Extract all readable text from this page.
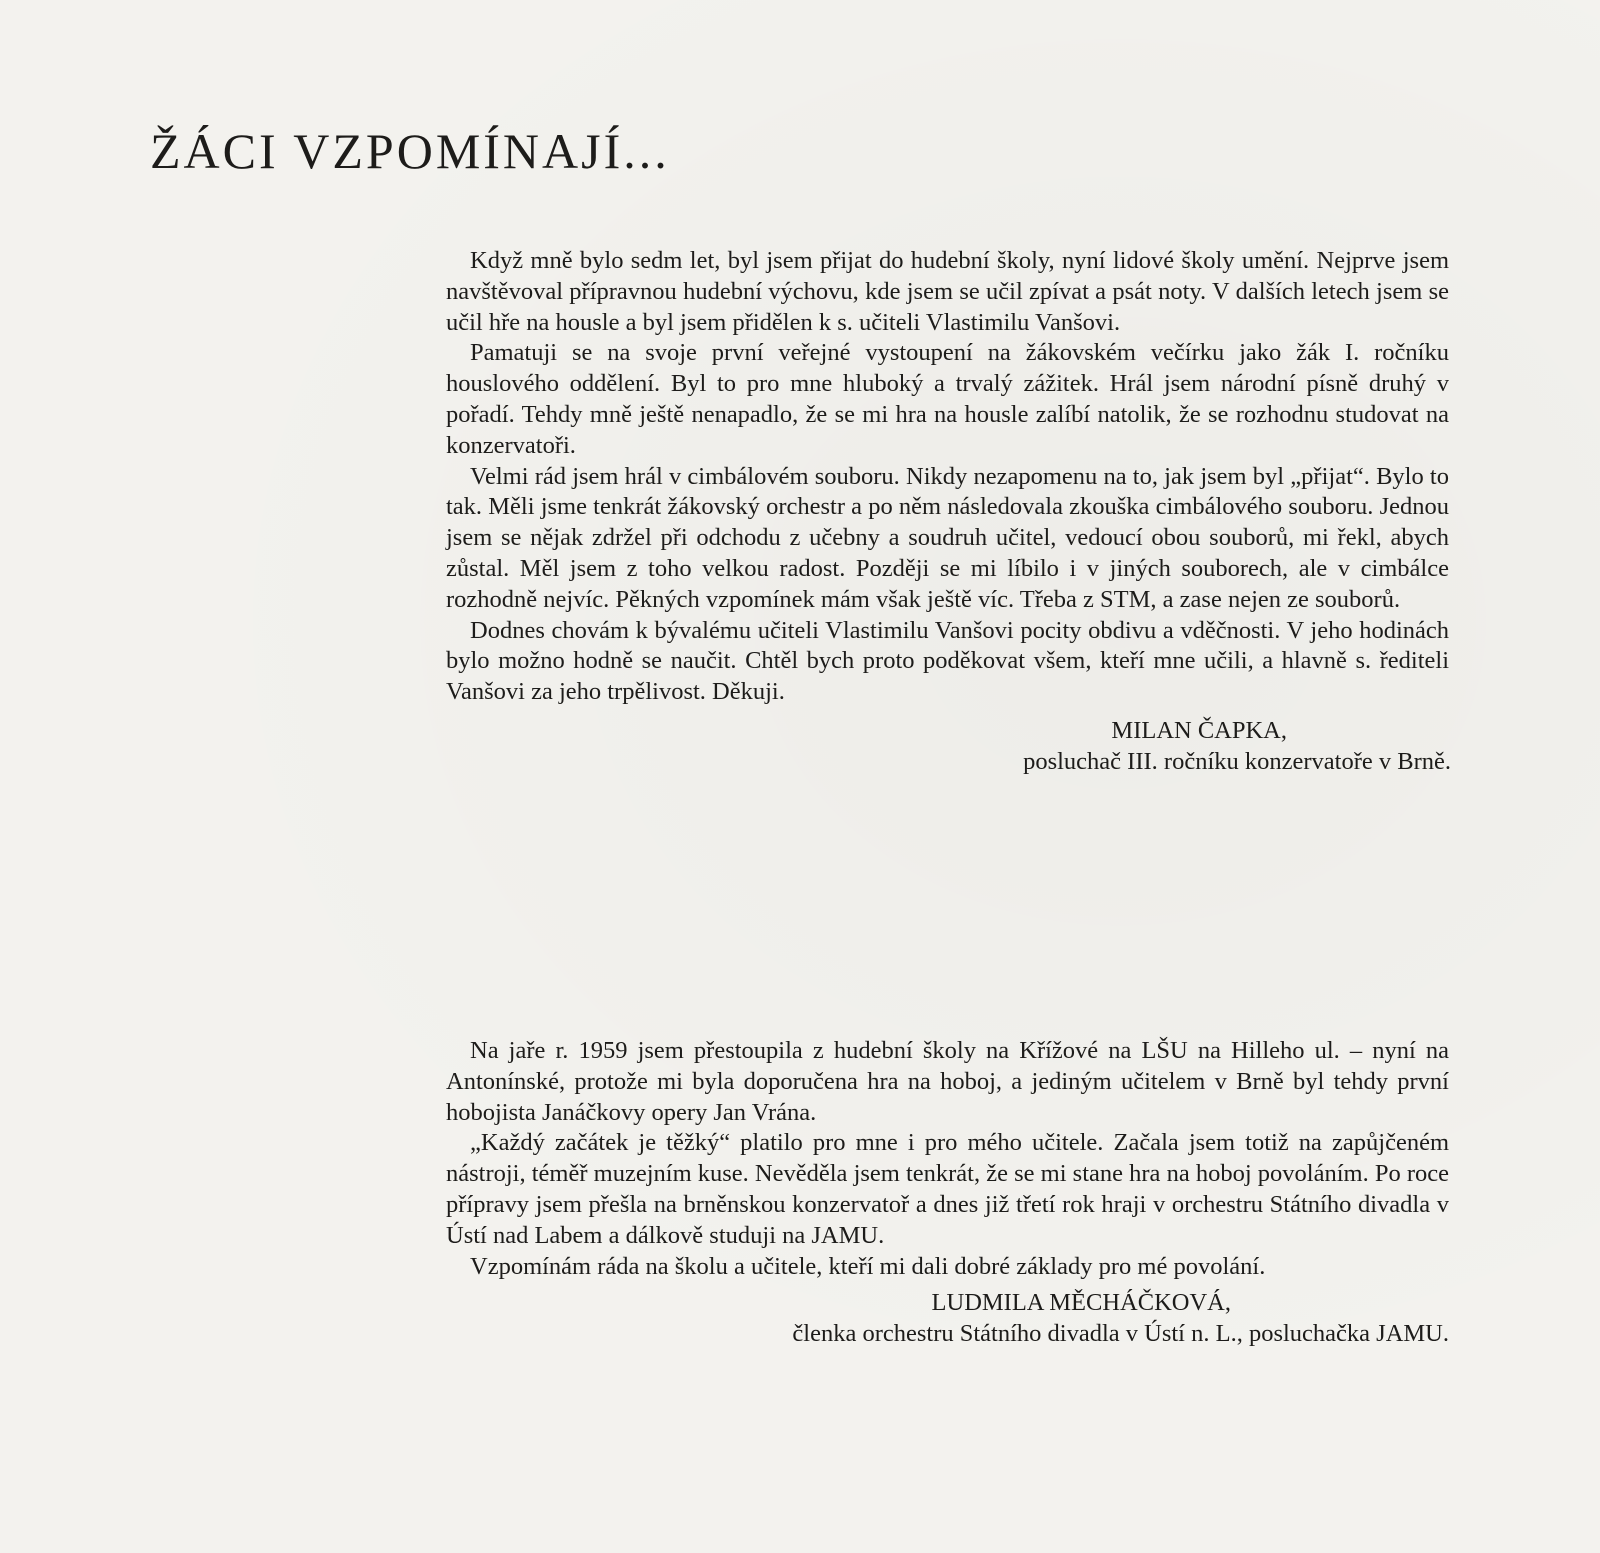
ŽÁCI VZPOMÍNAJÍ...

Když mně bylo sedm let, byl jsem přijat do hudební školy, nyní lidové školy umění. Nejprve jsem navštěvoval přípravnou hudební výchovu, kde jsem se učil zpívat a psát noty. V dalších letech jsem se učil hře na housle a byl jsem přidělen k s. učiteli Vlastimilu Vanšovi.

Pamatuji se na svoje první veřejné vystoupení na žákovském večírku jako žák I. ročníku houslového oddělení. Byl to pro mne hluboký a trvalý zážitek. Hrál jsem národní písně druhý v pořadí. Tehdy mně ještě nenapadlo, že se mi hra na housle zalíbí natolik, že se rozhodnu studovat na konzervatoři.

Velmi rád jsem hrál v cimbálovém souboru. Nikdy nezapomenu na to, jak jsem byl „přijat“. Bylo to tak. Měli jsme tenkrát žákovský orchestr a po něm následovala zkouška cimbálového souboru. Jednou jsem se nějak zdržel při odchodu z učebny a soudruh učitel, vedoucí obou souborů, mi řekl, abych zůstal. Měl jsem z toho velkou radost. Později se mi líbilo i v jiných souborech, ale v cimbálce rozhodně nejvíc. Pěkných vzpomínek mám však ještě víc. Třeba z STM, a zase nejen ze souborů.

Dodnes chovám k bývalému učiteli Vlastimilu Vanšovi pocity obdivu a vděčnosti. V jeho hodinách bylo možno hodně se naučit. Chtěl bych proto poděkovat všem, kteří mne učili, a hlavně s. řediteli Vanšovi za jeho trpělivost. Děkuji.

MILAN ČAPKA,
posluchač III. ročníku konzervatoře v Brně.

Na jaře r. 1959 jsem přestoupila z hudební školy na Křížové na LŠU na Hilleho ul. – nyní na Antonínské, protože mi byla doporučena hra na hoboj, a jediným učitelem v Brně byl tehdy první hobojista Janáčkovy opery Jan Vrána.

„Každý začátek je těžký“ platilo pro mne i pro mého učitele. Začala jsem totiž na zapůjčeném nástroji, téměř muzejním kuse. Nevěděla jsem tenkrát, že se mi stane hra na hoboj povoláním. Po roce přípravy jsem přešla na brněnskou konzervatoř a dnes již třetí rok hraji v orchestru Státního divadla v Ústí nad Labem a dálkově studuji na JAMU.

Vzpomínám ráda na školu a učitele, kteří mi dali dobré základy pro mé povolání.

LUDMILA MĚCHÁČKOVÁ,
členka orchestru Státního divadla v Ústí n. L., posluchačka JAMU.
